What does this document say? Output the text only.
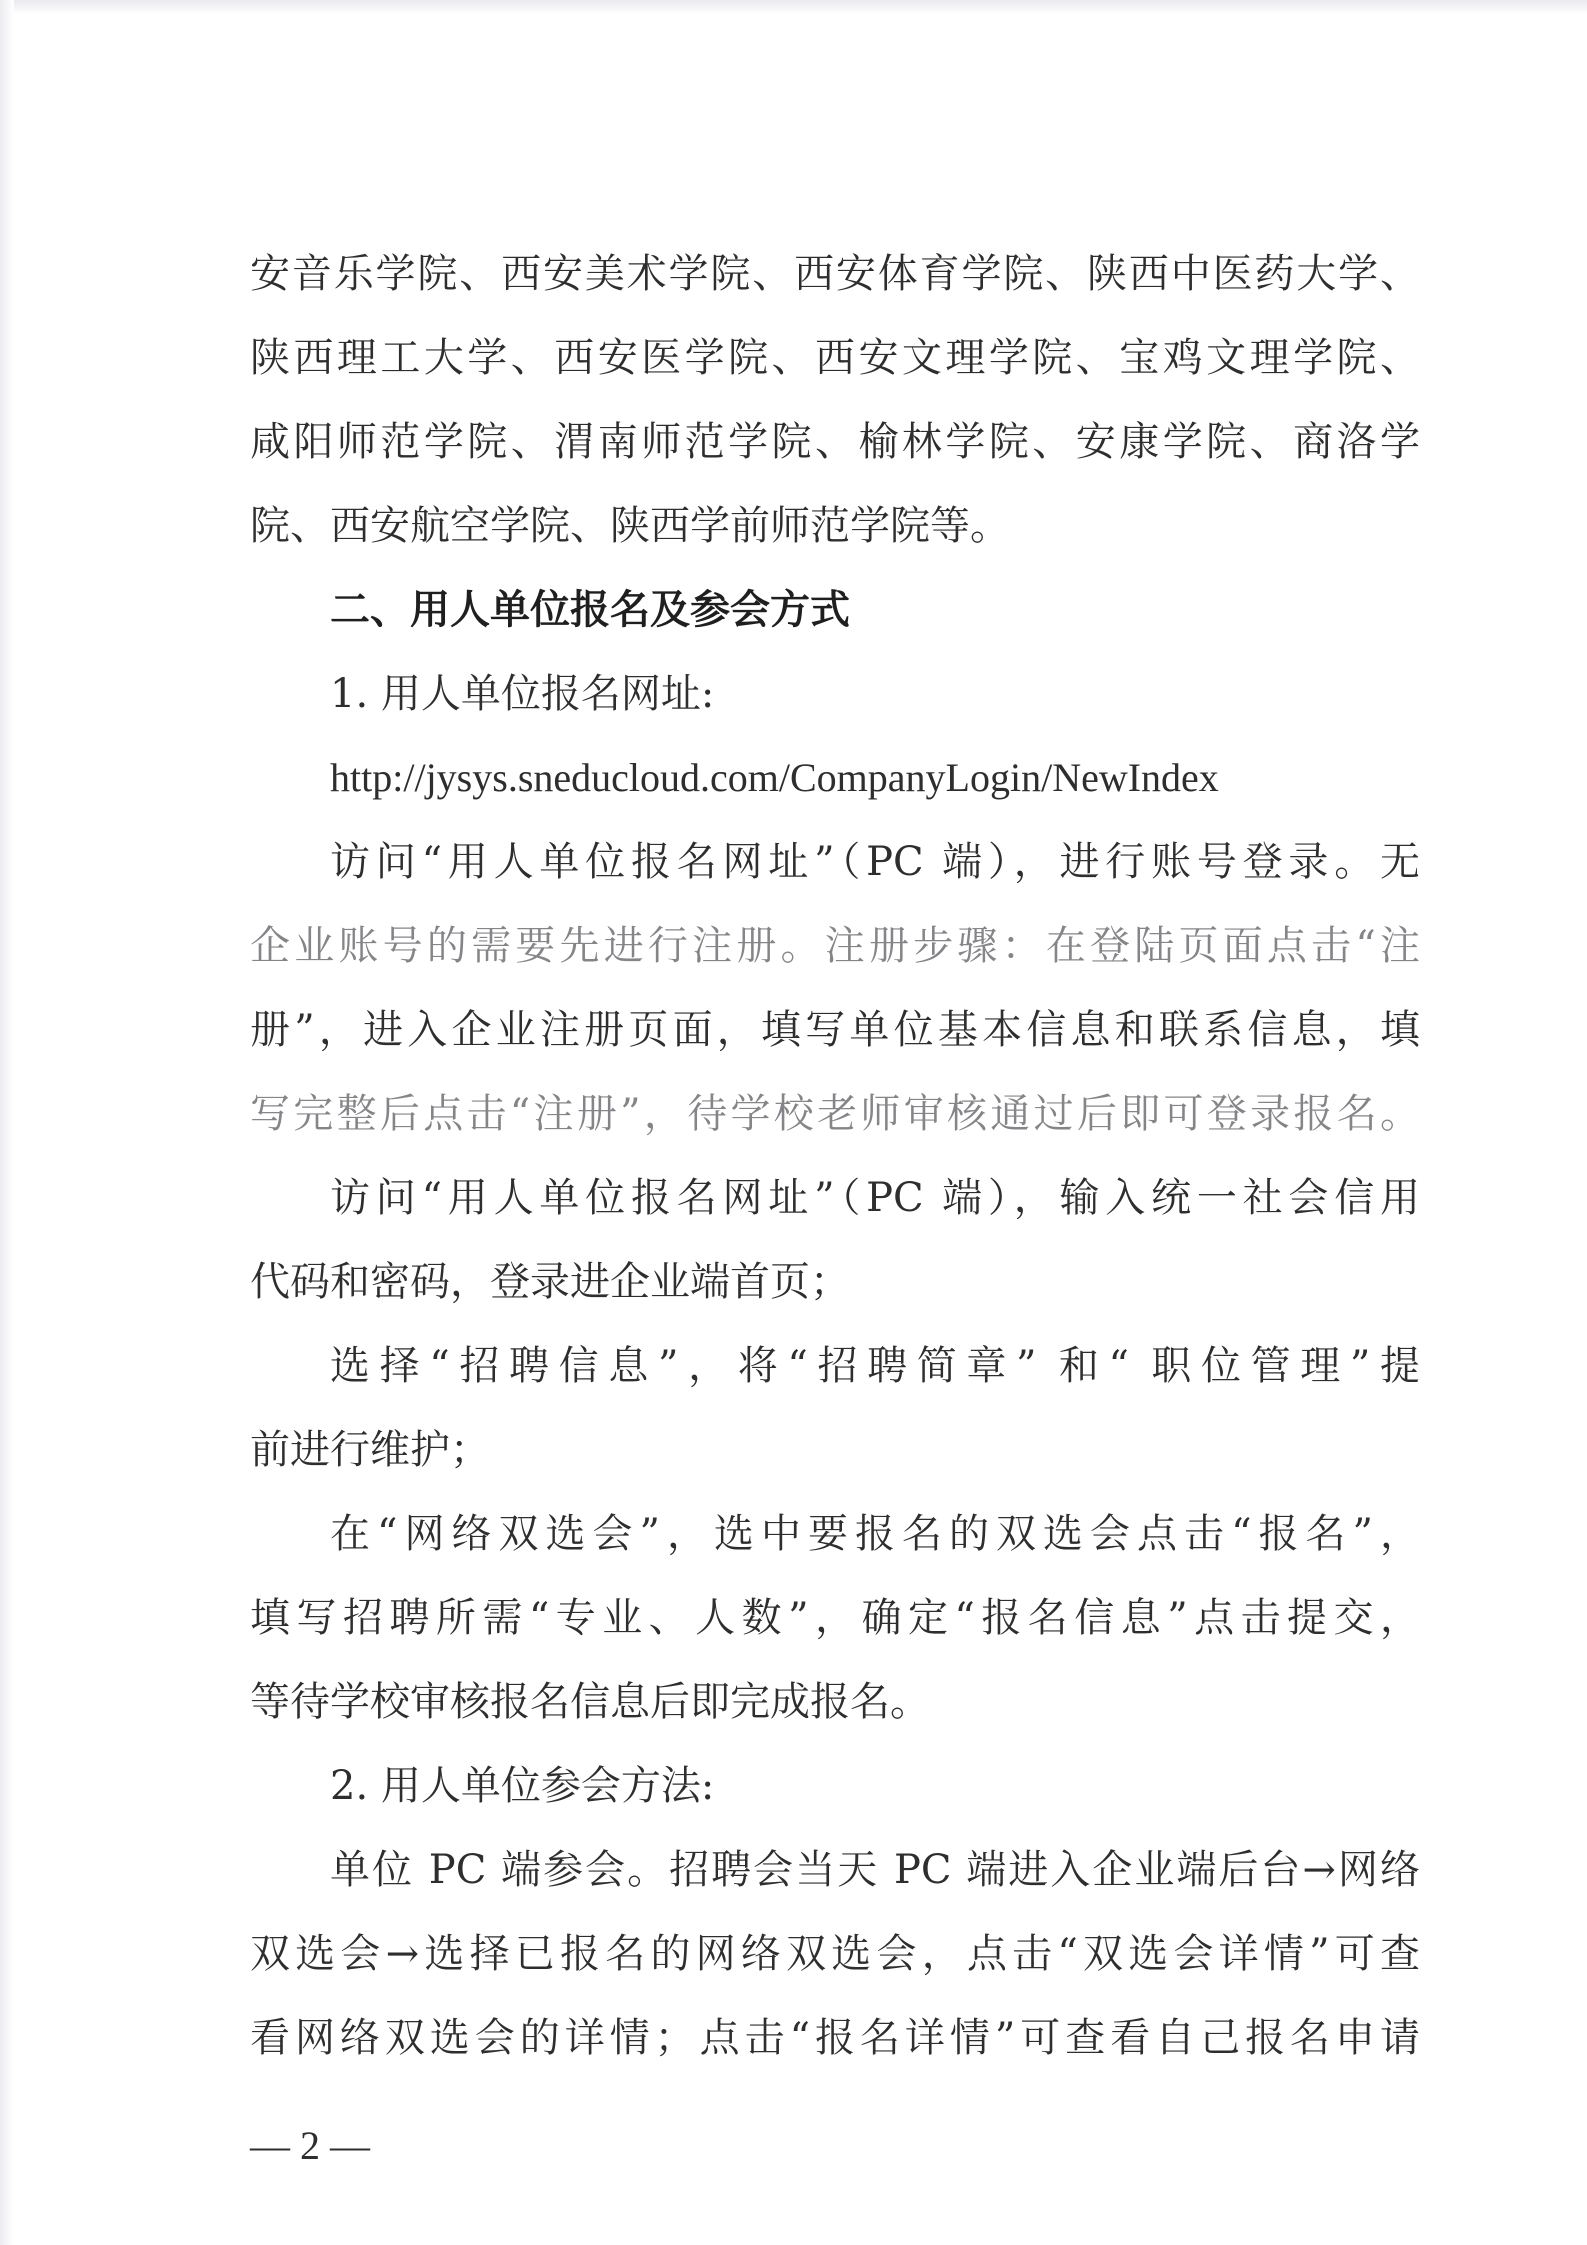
安音乐学院、西安美术学院、西安体育学院、陕西中医药大学、
陕西理工大学、西安医学院、西安文理学院、宝鸡文理学院、
咸阳师范学院、渭南师范学院、榆林学院、安康学院、商洛学
院、西安航空学院、陕西学前师范学院等。
二、用人单位报名及参会方式
1. 用人单位报名网址:
http://jysys.sneducloud.com/CompanyLogin/NewIndex
访问“用人单位报名网址”（PC 端），进行账号登录。无
企业账号的需要先进行注册。注册步骤：在登陆页面点击“注
册”，进入企业注册页面，填写单位基本信息和联系信息，填
写完整后点击“注册”，待学校老师审核通过后即可登录报名。
访问“用人单位报名网址”（PC 端），输入统一社会信用
代码和密码，登录进企业端首页；
选择“招聘信息”，将“招聘简章” 和“ 职位管理”提
前进行维护；
在“网络双选会”，选中要报名的双选会点击“报名”，
填写招聘所需“专业、人数”，确定“报名信息”点击提交，
等待学校审核报名信息后即完成报名。
2. 用人单位参会方法:
单位 PC 端参会。招聘会当天 PC 端进入企业端后台→网络
双选会→选择已报名的网络双选会，点击“双选会详情”可查
看网络双选会的详情；点击“报名详情”可查看自己报名申请
— 2 —
